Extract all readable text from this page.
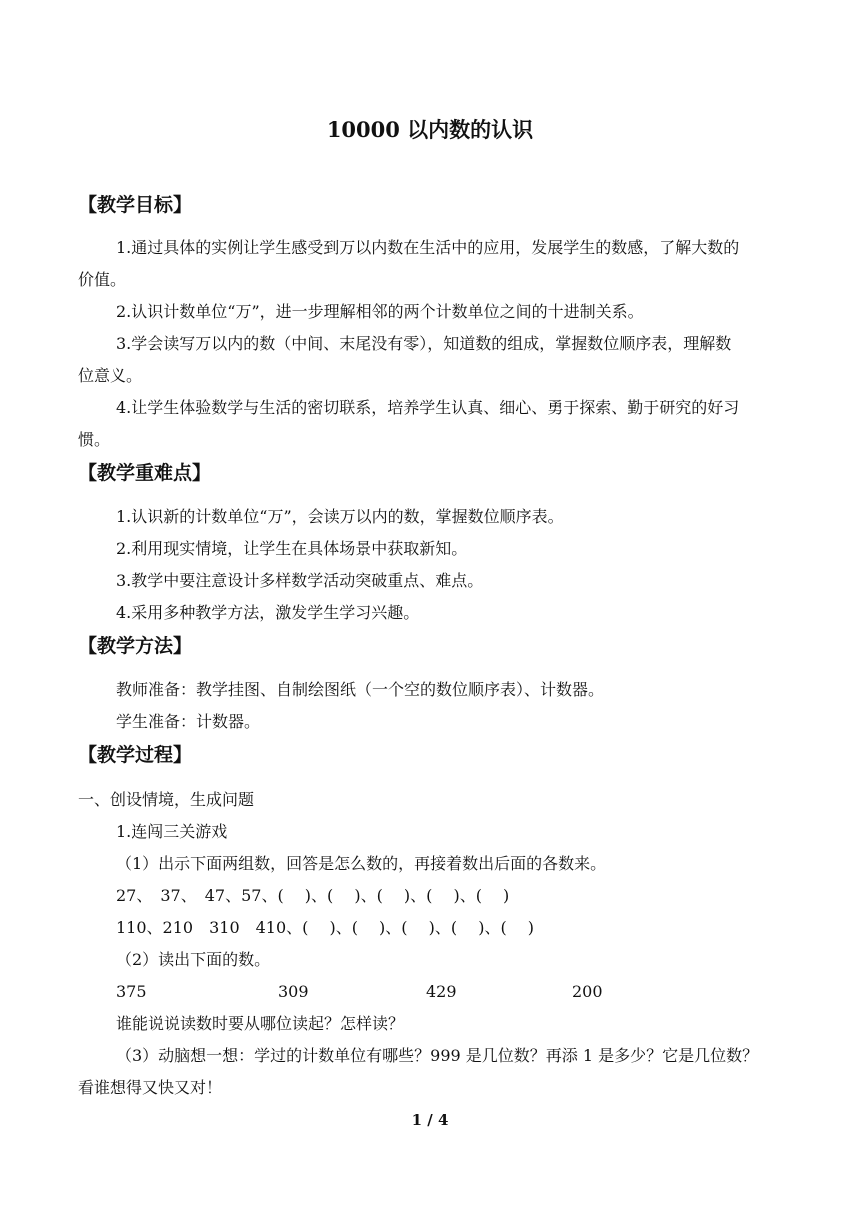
10000 以内数的认识
【教学目标】
1.通过具体的实例让学生感受到万以内数在生活中的应用，发展学生的数感，了解大数的
价值。
2.认识计数单位“万”，进一步理解相邻的两个计数单位之间的十进制关系。
3.学会读写万以内的数（中间、末尾没有零），知道数的组成，掌握数位顺序表，理解数
位意义。
4.让学生体验数学与生活的密切联系，培养学生认真、细心、勇于探索、勤于研究的好习
惯。
【教学重难点】
1.认识新的计数单位“万”，会读万以内的数，掌握数位顺序表。
2.利用现实情境，让学生在具体场景中获取新知。
3.教学中要注意设计多样数学活动突破重点、难点。
4.采用多种教学方法，激发学生学习兴趣。
【教学方法】
教师准备：教学挂图、自制绘图纸（一个空的数位顺序表）、计数器。
学生准备：计数器。
【教学过程】
一、创设情境，生成问题
1.连闯三关游戏
（1）出示下面两组数，回答是怎么数的，再接着数出后面的各数来。
27、　37、　47、57、(　 )、(　 )、(　 )、(　 )、(　 )
110、210　310　410、(　 )、(　 )、(　 )、(　 )、(　 )
（2）读出下面的数。
375	309	429	200
谁能说说读数时要从哪位读起？怎样读？
（3）动脑想一想：学过的计数单位有哪些？999 是几位数？再添 1 是多少？它是几位数？
看谁想得又快又对！
1 / 4
